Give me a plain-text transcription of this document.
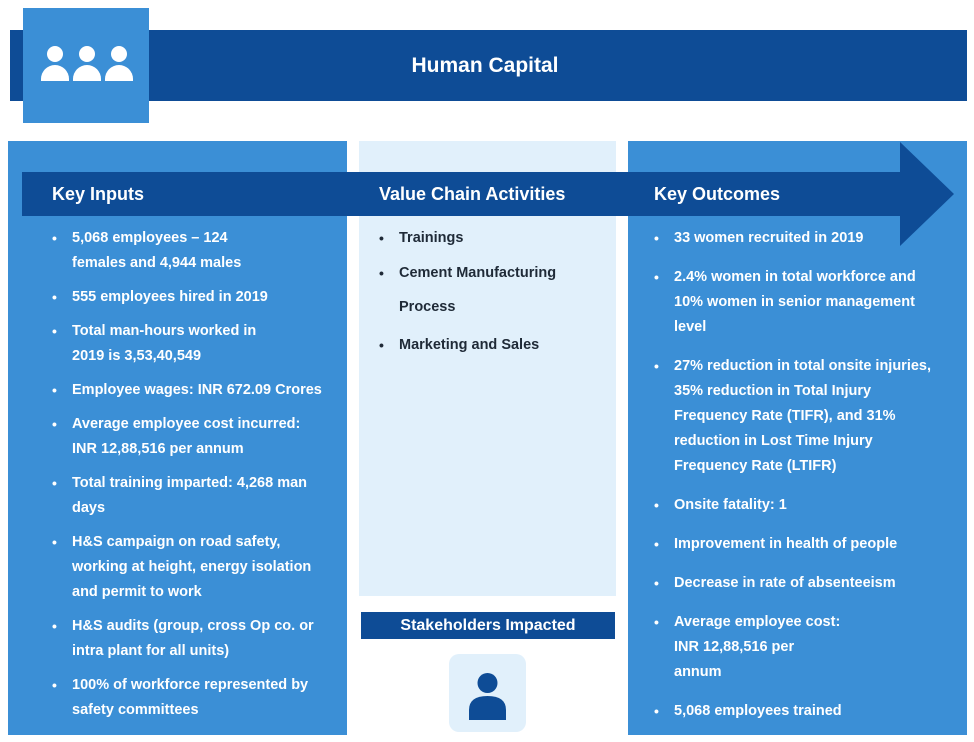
Human Capital
Key Inputs	Value Chain Activities	Key Outcomes
• 5,068 employees – 124 females and 4,944 males
• 555 employees hired in 2019
• Total man-hours worked in 2019 is 3,53,40,549
• Employee wages: INR 672.09 Crores
• Average employee cost incurred: INR 12,88,516 per annum
• Total training imparted: 4,268 man days
• H&S campaign on road safety, working at height, energy isolation and permit to work
• H&S audits (group, cross Op co. or intra plant for all units)
• 100% of workforce represented by safety committees
• Trainings
• Cement Manufacturing Process
• Marketing and Sales
• 33 women recruited in 2019
• 2.4% women in total workforce and 10% women in senior management level
• 27% reduction in total onsite injuries, 35% reduction in Total Injury Frequency Rate (TIFR), and 31% reduction in Lost Time Injury Frequency Rate (LTIFR)
• Onsite fatality: 1
• Improvement in health of people
• Decrease in rate of absenteeism
• Average employee cost: INR 12,88,516 per annum
• 5,068 employees trained
Stakeholders Impacted
